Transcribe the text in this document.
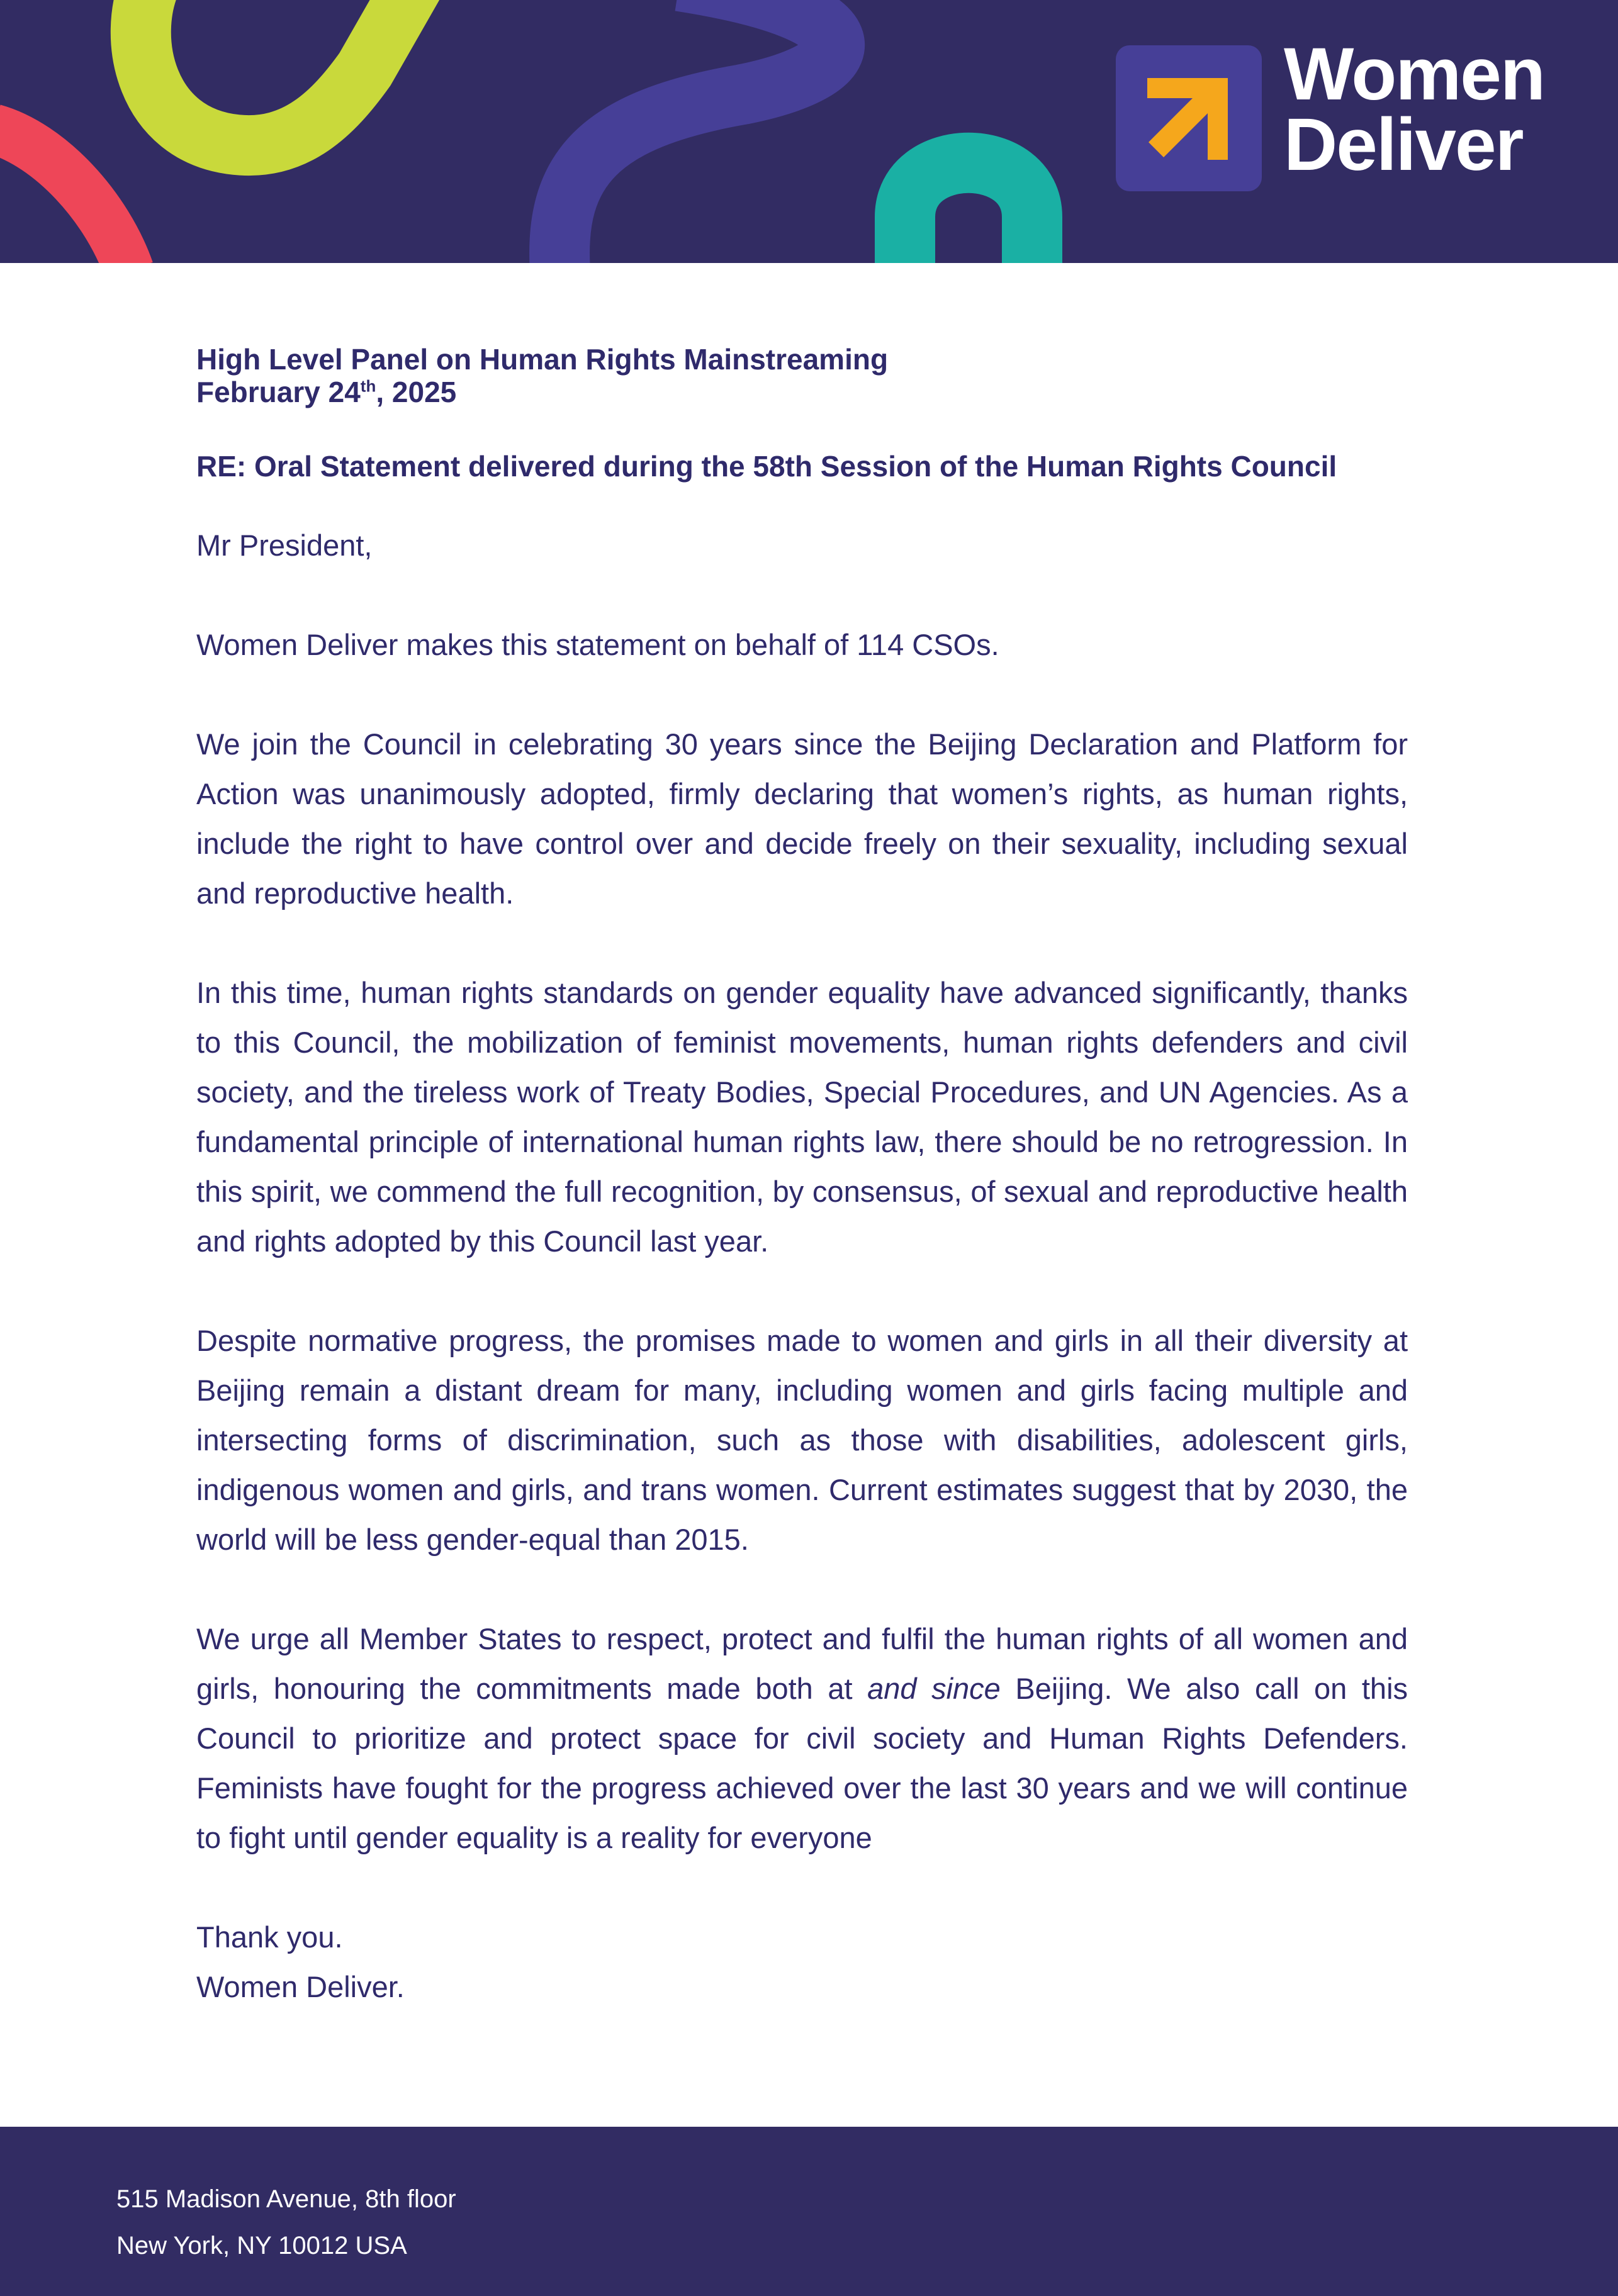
Women
Deliver
High Level Panel on Human Rights Mainstreaming
February 24th, 2025
RE: Oral Statement delivered during the 58th Session of the Human Rights Council

Mr President,

Women Deliver makes this statement on behalf of 114 CSOs.

We join the Council in celebrating 30 years since the Beijing Declaration and Platform for Action was unanimously adopted, firmly declaring that women’s rights, as human rights, include the right to have control over and decide freely on their sexuality, including sexual and reproductive health.

In this time, human rights standards on gender equality have advanced significantly, thanks to this Council, the mobilization of feminist movements, human rights defenders and civil society, and the tireless work of Treaty Bodies, Special Procedures, and UN Agencies. As a fundamental principle of international human rights law, there should be no retrogression. In this spirit, we commend the full recognition, by consensus, of sexual and reproductive health and rights adopted by this Council last year.

Despite normative progress, the promises made to women and girls in all their diversity at Beijing remain a distant dream for many, including women and girls facing multiple and intersecting forms of discrimination, such as those with disabilities, adolescent girls, indigenous women and girls, and trans women. Current estimates suggest that by 2030, the world will be less gender-equal than 2015.

We urge all Member States to respect, protect and fulfil the human rights of all women and girls, honouring the commitments made both at and since Beijing. We also call on this Council to prioritize and protect space for civil society and Human Rights Defenders. Feminists have fought for the progress achieved over the last 30 years and we will continue to fight until gender equality is a reality for everyone

Thank you.

Women Deliver.

515 Madison Avenue, 8th floor
New York, NY 10012 USA
